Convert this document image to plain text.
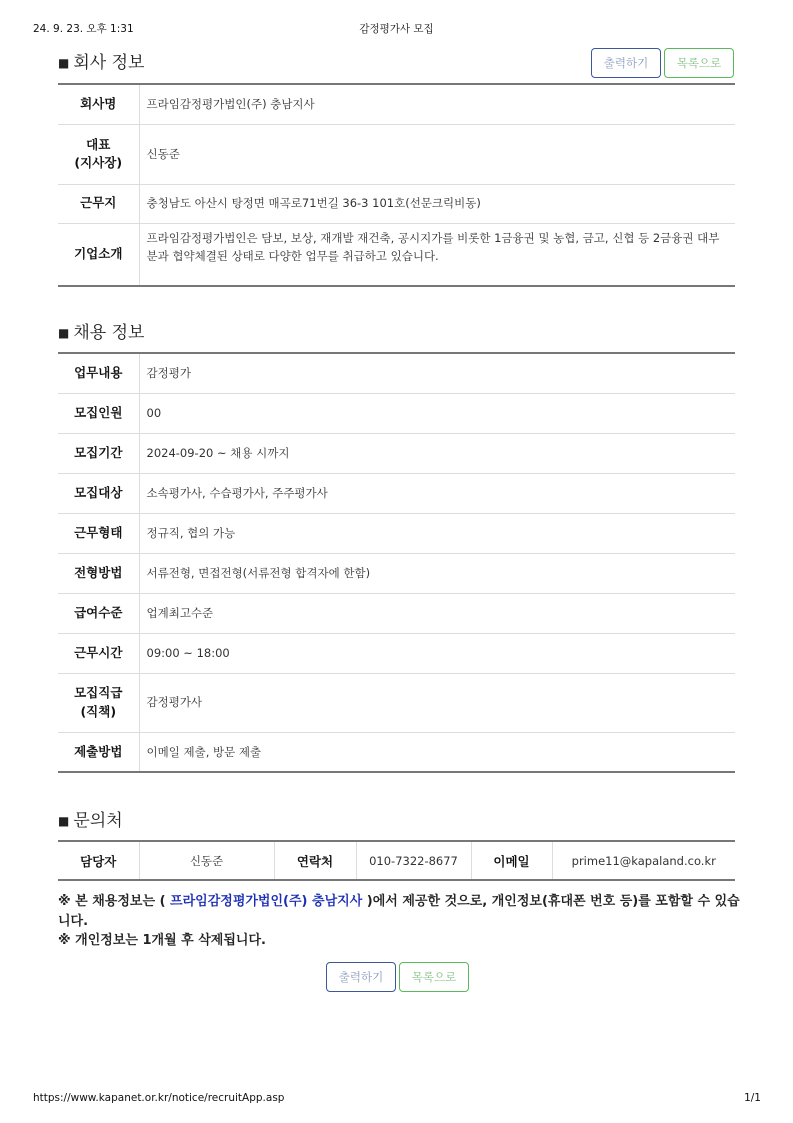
24. 9. 23. 오후 1:31	감정평가사 모집
■ 회사 정보	출력하기	목록으로
회사명	프라임감정평가법인(주) 충남지사
대표
(지사장)	신동준
근무지	충청남도 아산시 탕정면 매곡로71번길 36-3 101호(선문크릭비동)
기업소개	프라임감정평가법인은 담보, 보상, 재개발 재건축, 공시지가를 비롯한 1금융권 및 농협, 금고, 신협 등 2금융권 대부분과 협약체결된 상태로 다양한 업무를 취급하고 있습니다.
■ 채용 정보
업무내용	감정평가
모집인원	00
모집기간	2024-09-20 ~ 채용 시까지
모집대상	소속평가사, 수습평가사, 주주평가사
근무형태	정규직, 협의 가능
전형방법	서류전형, 면접전형(서류전형 합격자에 한함)
급여수준	업계최고수준
근무시간	09:00 ~ 18:00
모집직급
(직책)	감정평가사
제출방법	이메일 제출, 방문 제출
■ 문의처
담당자	신동준	연락처	010-7322-8677	이메일	prime11@kapaland.co.kr
※ 본 채용정보는 ( 프라임감정평가법인(주) 충남지사 )에서 제공한 것으로, 개인정보(휴대폰 번호 등)를 포함할 수 있습니다.
※ 개인정보는 1개월 후 삭제됩니다.
출력하기	목록으로
https://www.kapanet.or.kr/notice/recruitApp.asp	1/1
